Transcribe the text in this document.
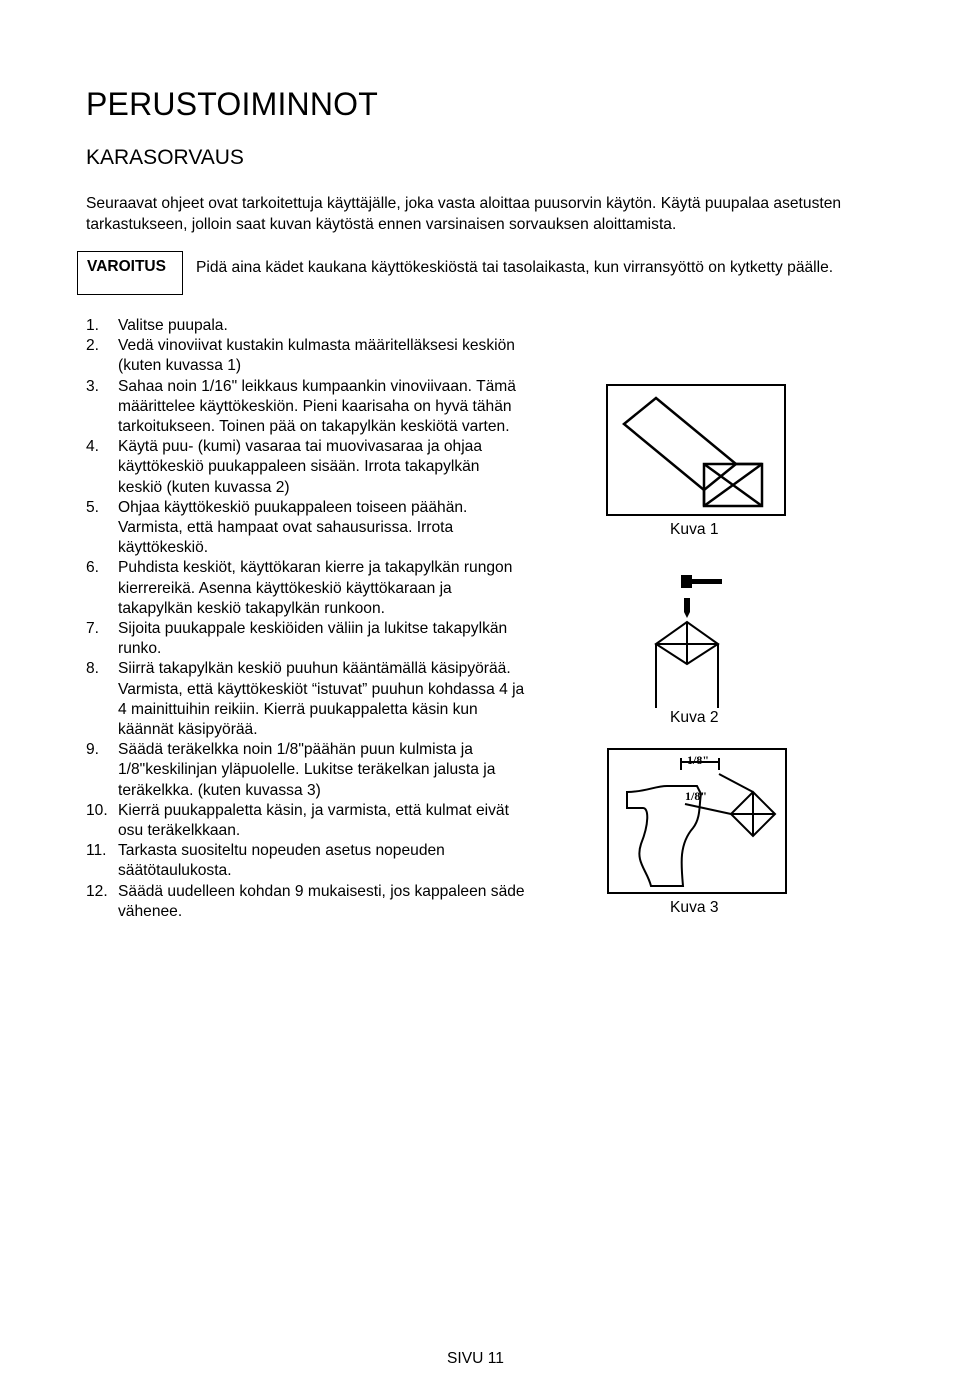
PERUSTOIMINNOT
KARASORVAUS

Seuraavat ohjeet ovat tarkoitettuja käyttäjälle, joka vasta aloittaa puusorvin käytön. Käytä puupalaa asetusten tarkastukseen, jolloin saat kuvan käytöstä ennen varsinaisen sorvauksen aloittamista.

VAROITUS Pidä aina kädet kaukana käyttökeskiöstä tai tasolaikasta, kun virransyöttö on kytketty päälle.

1. Valitse puupala.
2. Vedä vinoviivat kustakin kulmasta määritelläksesi keskiön (kuten kuvassa 1)
3. Sahaa noin 1/16" leikkaus kumpaankin vinoviivaan. Tämä määrittelee käyttökeskiön. Pieni kaarisaha on hyvä tähän tarkoitukseen. Toinen pää on takapylkän keskiötä varten.
4. Käytä puu- (kumi) vasaraa tai muovivasaraa ja ohjaa käyttökeskiö puukappaleen sisään. Irrota takapylkän keskiö (kuten kuvassa 2)
5. Ohjaa käyttökeskiö puukappaleen toiseen päähän. Varmista, että hampaat ovat sahausurissa. Irrota käyttökeskiö.
6. Puhdista keskiöt, käyttökaran kierre ja takapylkän rungon kierrereikä. Asenna käyttökeskiö käyttökaraan ja takapylkän keskiö takapylkän runkoon.
7. Sijoita puukappale keskiöiden väliin ja lukitse takapylkän runko.
8. Siirrä takapylkän keskiö puuhun kääntämällä käsipyörää. Varmista, että käyttökeskiöt “istuvat” puuhun kohdassa 4 ja 4 mainittuihin reikiin. Kierrä puukappaletta käsin kun käännät käsipyörää.
9. Säädä teräkelkka noin 1/8"päähän puun kulmista ja 1/8"keskilinjan yläpuolelle. Lukitse teräkelkan jalusta ja teräkelkka. (kuten kuvassa 3)
10. Kierrä puukappaletta käsin, ja varmista, että kulmat eivät osu teräkelkkaan.
11. Tarkasta suositeltu nopeuden asetus nopeuden säätötaulukosta.
12. Säädä uudelleen kohdan 9 mukaisesti, jos kappaleen säde vähenee.
Kuva 1
Kuva 2
1/8"
1/8"
Kuva 3
SIVU 11
